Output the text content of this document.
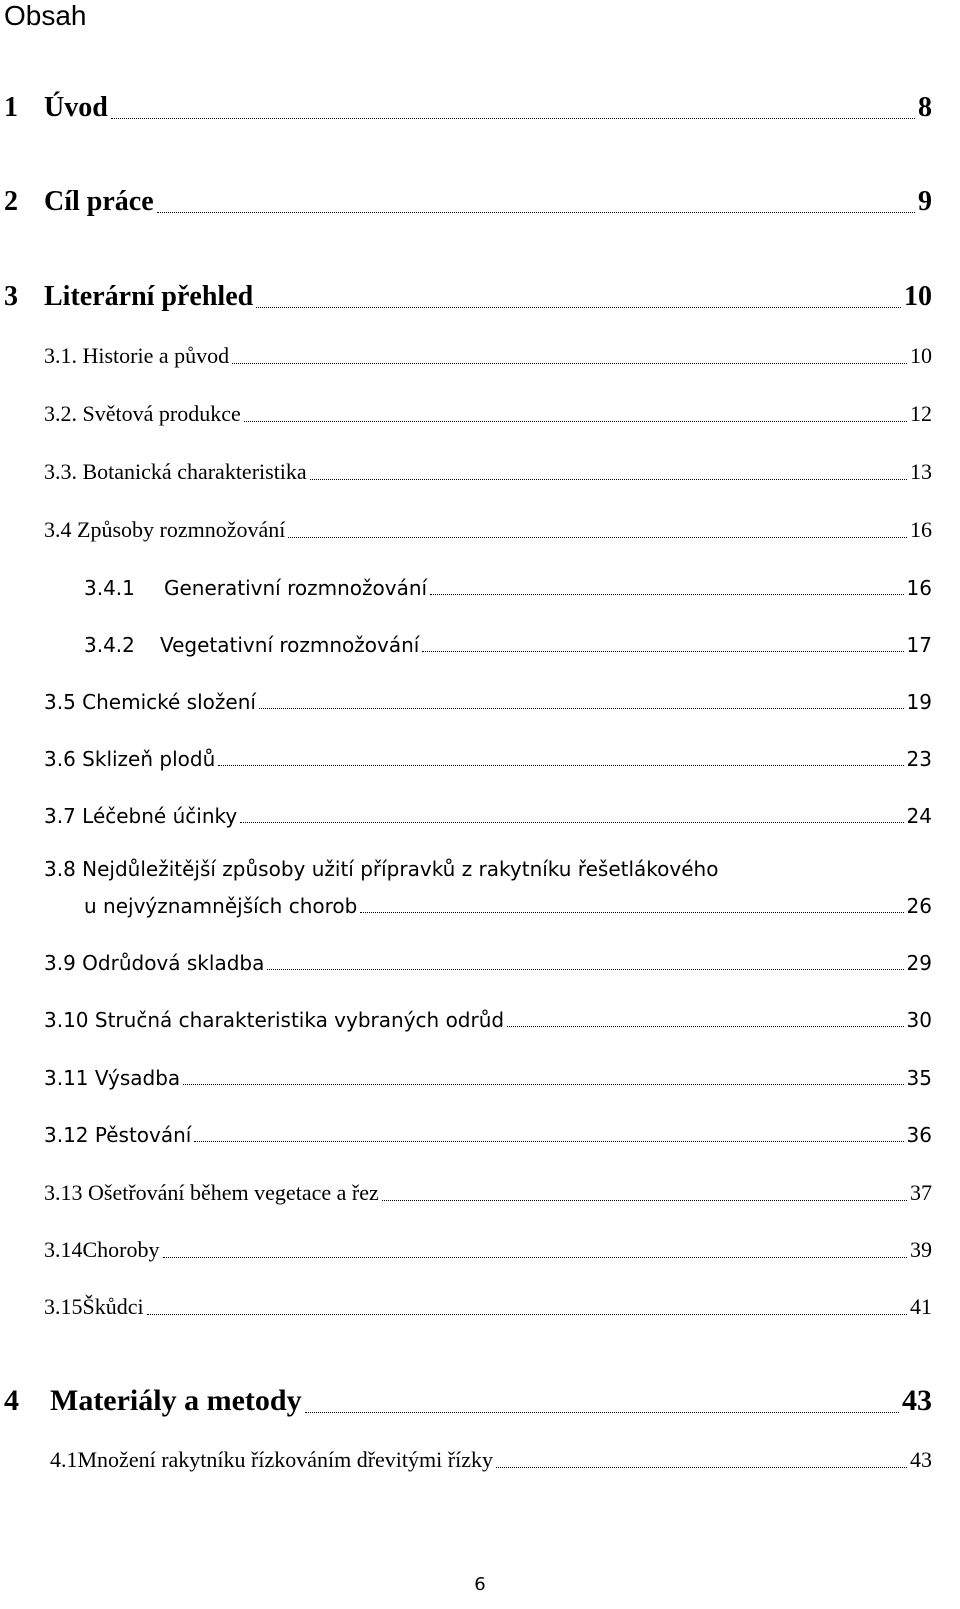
Obsah
1 Úvod	8
2 Cíl práce	9
3 Literární přehled	10
3.1. Historie a původ	10
3.2. Světová produkce	12
3.3. Botanická charakteristika	13
3.4 Způsoby rozmnožování	16
3.4.1 Generativní rozmnožování	16
3.4.2 Vegetativní rozmnožování	17
3.5 Chemické složení	19
3.6 Sklizeň plodů	23
3.7 Léčebné účinky	24
3.8 Nejdůležitější způsoby užití přípravků z rakytníku řešetlákového
u nejvýznamnějších chorob	26
3.9 Odrůdová skladba	29
3.10 Stručná charakteristika vybraných odrůd	30
3.11 Výsadba	35
3.12 Pěstování	36
3.13 Ošetřování během vegetace a řez	37
3.14Choroby	39
3.15Škůdci	41
4 Materiály a metody	43
4.1Množení rakytníku řízkováním dřevitými řízky	43
6
